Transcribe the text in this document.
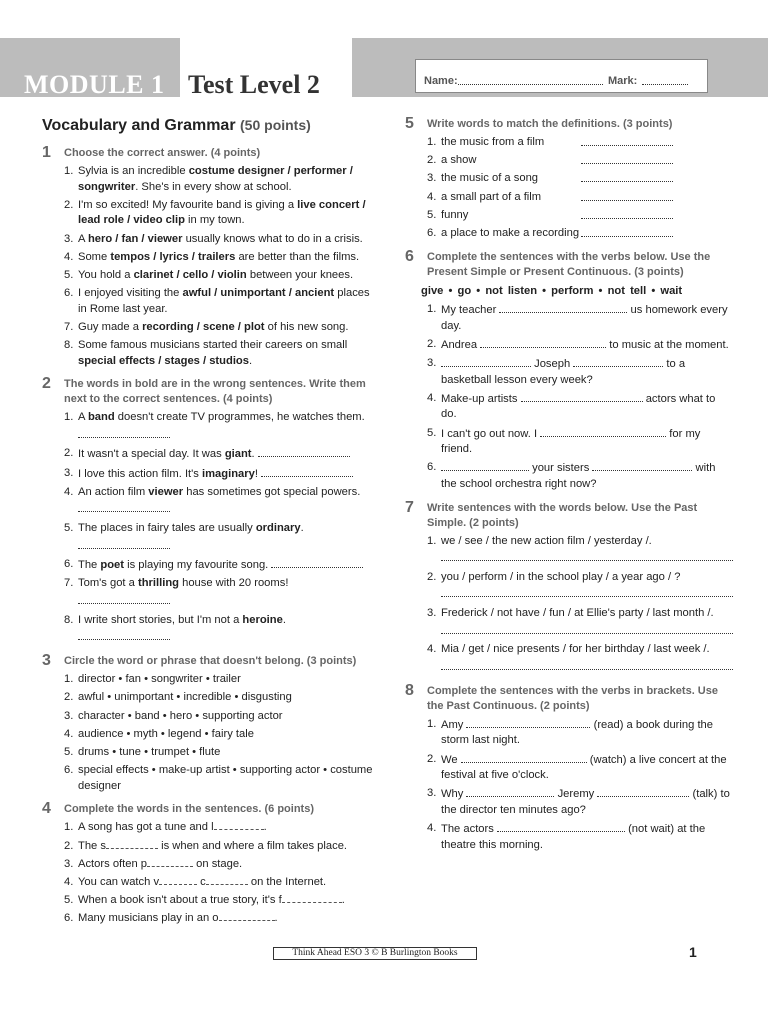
MODULE 1 Test Level 2	Name:	Mark:
Vocabulary and Grammar (50 points)
1	Choose the correct answer. (4 points)
1. Sylvia is an incredible costume designer / performer / songwriter. She's in every show at school.
2. I'm so excited! My favourite band is giving a live concert / lead role / video clip in my town.
3. A hero / fan / viewer usually knows what to do in a crisis.
4. Some tempos / lyrics / trailers are better than the films.
5. You hold a clarinet / cello / violin between your knees.
6. I enjoyed visiting the awful / unimportant / ancient places in Rome last year.
7. Guy made a recording / scene / plot of his new song.
8. Some famous musicians started their careers on small special effects / stages / studios.
2	The words in bold are in the wrong sentences. Write them next to the correct sentences. (4 points)
1. A band doesn't create TV programmes, he watches them.
2. It wasn't a special day. It was giant.
3. I love this action film. It's imaginary!
4. An action film viewer has sometimes got special powers.
5. The places in fairy tales are usually ordinary.
6. The poet is playing my favourite song.
7. Tom's got a thrilling house with 20 rooms!
8. I write short stories, but I'm not a heroine.
3	Circle the word or phrase that doesn't belong. (3 points)
1. director • fan • songwriter • trailer
2. awful • unimportant • incredible • disgusting
3. character • band • hero • supporting actor
4. audience • myth • legend • fairy tale
5. drums • tune • trumpet • flute
6. special effects • make-up artist • supporting actor • costume designer
4	Complete the words in the sentences. (6 points)
1. A song has got a tune and l	.
2. The s	is when and where a film takes place.
3. Actors often p	on stage.
4. You can watch v	c	on the Internet.
5. When a book isn't about a true story, it's f	.
6. Many musicians play in an o	.
5	Write words to match the definitions. (3 points)
1. the music from a film
2. a show
3. the music of a song
4. a small part of a film
5. funny
6. a place to make a recording
6	Complete the sentences with the verbs below. Use the Present Simple or Present Continuous. (3 points)
give • go • not listen • perform • not tell • wait
1. My teacher	us homework every day.
2. Andrea	to music at the moment.
3.	Joseph	to a basketball lesson every week?
4. Make-up artists	actors what to do.
5. I can't go out now. I	for my friend.
6.	your sisters	with the school orchestra right now?
7	Write sentences with the words below. Use the Past Simple. (2 points)
1. we / see / the new action film / yesterday /.
2. you / perform / in the school play / a year ago / ?
3. Frederick / not have / fun / at Ellie's party / last month /.
4. Mia / get / nice presents / for her birthday / last week /.
8	Complete the sentences with the verbs in brackets. Use the Past Continuous. (2 points)
1. Amy	(read) a book during the storm last night.
2. We	(watch) a live concert at the festival at five o'clock.
3. Why	Jeremy	(talk) to the director ten minutes ago?
4. The actors	(not wait) at the theatre this morning.
Think Ahead ESO 3 © B Burlington Books	1
